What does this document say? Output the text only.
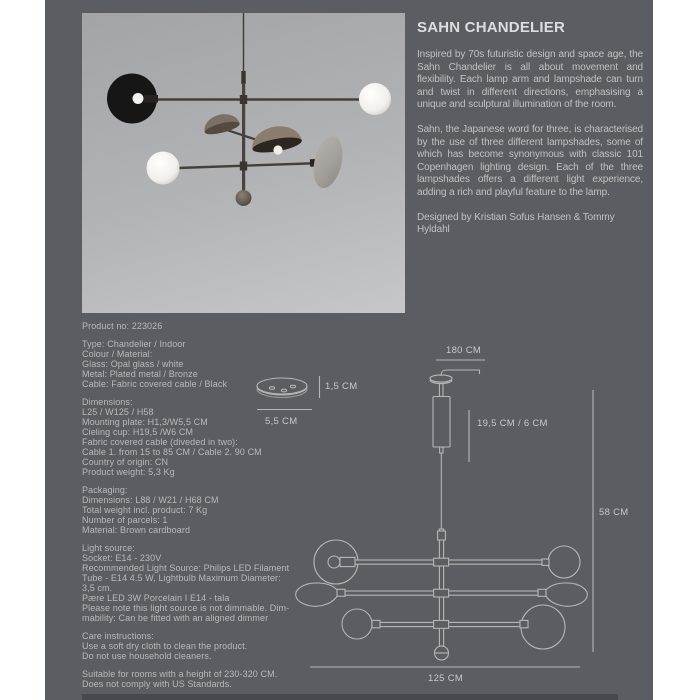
SAHN CHANDELIER

Inspired by 70s futuristic design and space age, the Sahn Chandelier is all about movement and flexibility. Each lamp arm and lampshade can turn and twist in different directions, emphasising a unique and sculptural illumination of the room.

Sahn, the Japanese word for three, is characterised by the use of three different lampshades, some of which has become synonymous with classic 101 Copenhagen lighting design. Each of the three lampshades offers a different light experience, adding a rich and playful feature to the lamp.

Designed by Kristian Sofus Hansen & Tommy Hyldahl
Product no: 223026
Type: Chandelier / Indoor
Colour / Material:
Glass: Opal glass / white
Metal: Plated metal / Bronze
Cable: Fabric covered cable / Black
Dimensions:
L25 / W125 / H58
Mounting plate: H1,3/W5,5 CM
Cieling cup: H19,5 /W6 CM
Fabric covered cable (diveded in two):
Cable 1. from 15 to 85 CM / Cable 2. 90 CM
Country of origin: CN
Product weight: 5,3 Kg
Packaging:
Dimensions: L88 / W21 / H68 CM
Total weight incl. product: 7 Kg
Number of parcels: 1
Material: Brown cardboard
Light source:
Socket: E14 - 230V
Recommended Light Source: Philips LED Filament
Tube - E14 4.5 W, Lightbulb Maximum Diameter:
3,5 cm.
Pære LED 3W Porcelain I E14 - tala
Please note this light source is not dimmable. Dim-
mability: Can be fitted with an aligned dimmer
Care instructions:
Use a soft dry cloth to clean the product.
Do not use household cleaners.
Suitable for rooms with a height of 230-320 CM.
Does not comply with US Standards.
1,5 CM
5,5 CM
180 CM
19,5 CM / 6 CM
58 CM
125 CM
